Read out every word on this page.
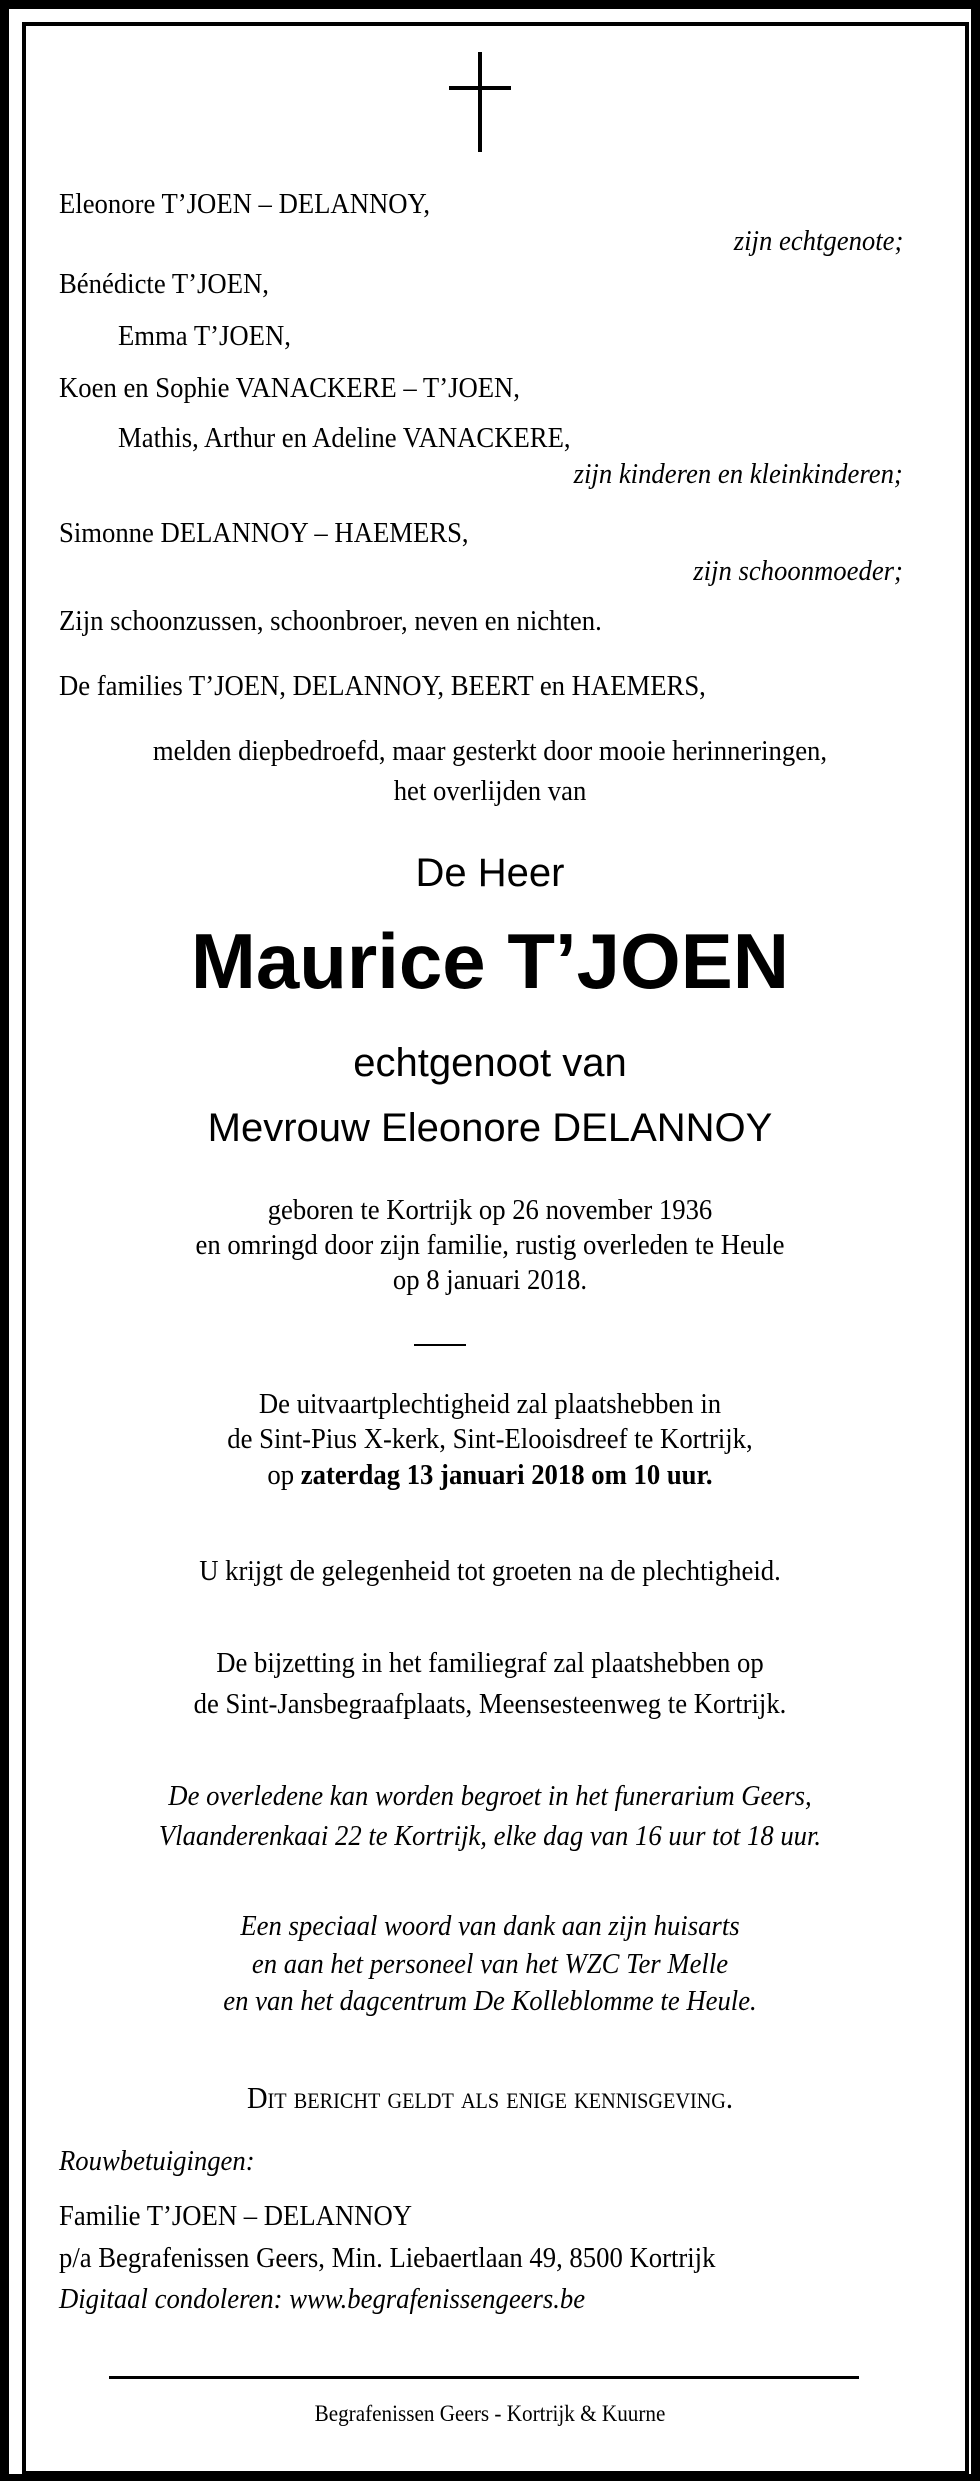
Eleonore T’JOEN – DELANNOY,
zijn echtgenote;
Bénédicte T’JOEN,
Emma T’JOEN,
Koen en Sophie VANACKERE – T’JOEN,
Mathis, Arthur en Adeline VANACKERE,
zijn kinderen en kleinkinderen;
Simonne DELANNOY – HAEMERS,
zijn schoonmoeder;
Zijn schoonzussen, schoonbroer, neven en nichten.
De families T’JOEN, DELANNOY, BEERT en HAEMERS,
melden diepbedroefd, maar gesterkt door mooie herinneringen,
het overlijden van
De Heer
Maurice T’JOEN
echtgenoot van
Mevrouw Eleonore DELANNOY
geboren te Kortrijk op 26 november 1936
en omringd door zijn familie, rustig overleden te Heule
op 8 januari 2018.
De uitvaartplechtigheid zal plaatshebben in
de Sint-Pius X-kerk, Sint-Elooisdreef te Kortrijk,
op zaterdag 13 januari 2018 om 10 uur.
U krijgt de gelegenheid tot groeten na de plechtigheid.
De bijzetting in het familiegraf zal plaatshebben op
de Sint-Jansbegraafplaats, Meensesteenweg te Kortrijk.
De overledene kan worden begroet in het funerarium Geers,
Vlaanderenkaai 22 te Kortrijk, elke dag van 16 uur tot 18 uur.
Een speciaal woord van dank aan zijn huisarts
en aan het personeel van het WZC Ter Melle
en van het dagcentrum De Kolleblomme te Heule.
Dit bericht geldt als enige kennisgeving.
Rouwbetuigingen:
Familie T’JOEN – DELANNOY
p/a Begrafenissen Geers, Min. Liebaertlaan 49, 8500 Kortrijk
Digitaal condoleren: www.begrafenissengeers.be
Begrafenissen Geers - Kortrijk & Kuurne
